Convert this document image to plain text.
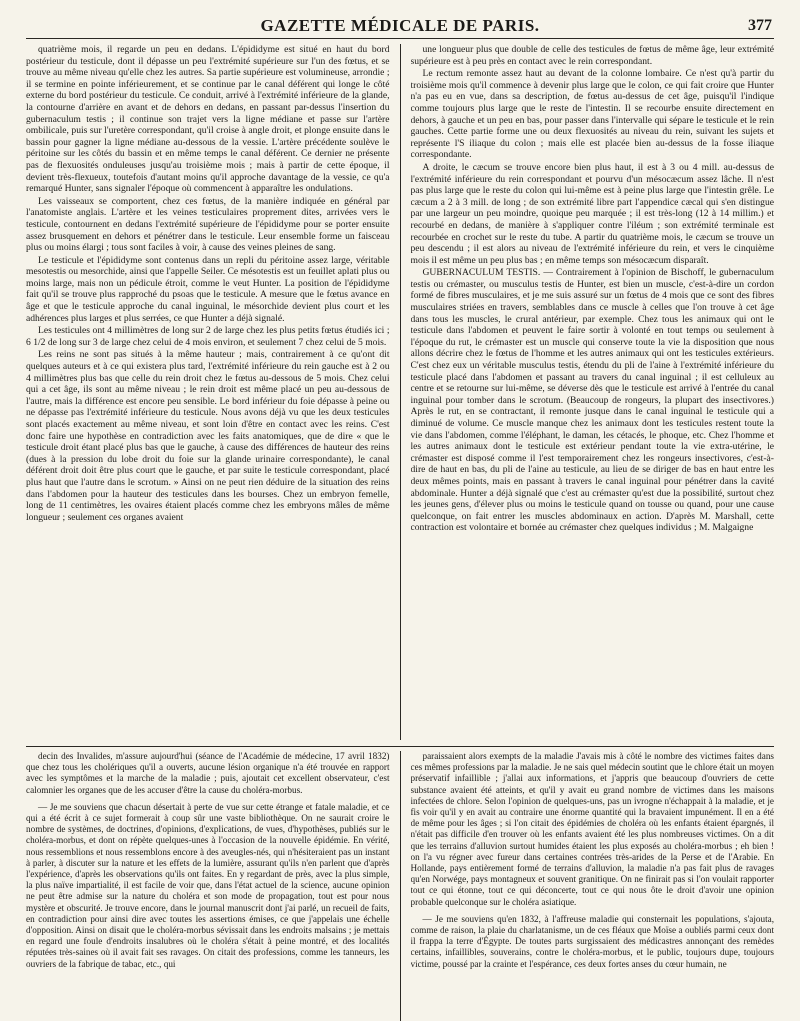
GAZETTE MÉDICALE DE PARIS.	377

quatrième mois, il regarde un peu en dedans. L'épididyme est situé en haut du bord postérieur du testicule, dont il dépasse un peu l'extrémité supérieure sur l'un des fœtus, et se trouve au même niveau qu'elle chez les autres. Sa partie supérieure est volumineuse, arrondie ; il se termine en pointe inférieurement, et se continue par le canal déférent qui longe le côté externe du bord postérieur du testicule. Ce conduit, arrivé à l'extrémité inférieure de la glande, la contourne d'arrière en avant et de dehors en dedans, en passant par-dessus l'insertion du gubernaculum testis ; il continue son trajet vers la ligne médiane et passe sur l'artère ombilicale, puis sur l'uretère correspondant, qu'il croise à angle droit, et plonge ensuite dans le bassin pour gagner la ligne médiane au-dessous de la vessie. L'artère précédente soulève le péritoine sur les côtés du bassin et en même temps le canal déférent. Ce dernier ne présente pas de flexuosités onduleuses jusqu'au troisième mois ; mais à partir de cette époque, il devient très-flexueux, toutefois d'autant moins qu'il approche davantage de la vessie, ce qu'a remarqué Hunter, sans signaler l'époque où commencent à apparaître les ondulations.

Les vaisseaux se comportent, chez ces fœtus, de la manière indiquée en général par l'anatomiste anglais. L'artère et les veines testiculaires proprement dites, arrivées vers le testicule, contournent en dedans l'extrémité supérieure de l'épididyme pour se porter ensuite assez brusquement en dehors et pénétrer dans le testicule. Leur ensemble forme un faisceau plus ou moins élargi ; tous sont faciles à voir, à cause des veines pleines de sang.

Le testicule et l'épididyme sont contenus dans un repli du péritoine assez large, véritable mesotestis ou mesorchide, ainsi que l'appelle Seiler. Ce mésotestis est un feuillet aplati plus ou moins large, mais non un pédicule étroit, comme le veut Hunter. La position de l'épididyme fait qu'il se trouve plus rapproché du psoas que le testicule. A mesure que le fœtus avance en âge et que le testicule approche du canal inguinal, le mésorchide devient plus court et les adhérences plus larges et plus serrées, ce que Hunter a déjà signalé.

Les testicules ont 4 millimètres de long sur 2 de large chez les plus petits fœtus étudiés ici ; 6 1/2 de long sur 3 de large chez celui de 4 mois environ, et seulement 7 chez celui de 5 mois.

Les reins ne sont pas situés à la même hauteur ; mais, contrairement à ce qu'ont dit quelques auteurs et à ce qui existera plus tard, l'extrémité inférieure du rein gauche est à 2 ou 4 millimètres plus bas que celle du rein droit chez le fœtus au-dessous de 5 mois. Chez celui qui a cet âge, ils sont au même niveau ; le rein droit est même placé un peu au-dessous de l'autre, mais la différence est encore peu sensible. Le bord inférieur du foie dépasse à peine ou ne dépasse pas l'extrémité inférieure du testicule. Nous avons déjà vu que les deux testicules sont placés exactement au même niveau, et sont loin d'être en contact avec les reins. C'est donc faire une hypothèse en contradiction avec les faits anatomiques, que de dire « que le testicule droit étant placé plus bas que le gauche, à cause des différences de hauteur des reins (dues à la pression du lobe droit du foie sur la glande urinaire correspondante), le canal déférent droit doit être plus court que le gauche, et par suite le testicule correspondant, placé plus haut que l'autre dans le scrotum. » Ainsi on ne peut rien déduire de la situation des reins dans l'abdomen pour la hauteur des testicules dans les bourses. Chez un embryon femelle, long de 11 centimètres, les ovaires étaient placés comme chez les embryons mâles de même longueur ; seulement ces organes avaient

une longueur plus que double de celle des testicules de fœtus de même âge, leur extrémité supérieure est à peu près en contact avec le rein correspondant.

Le rectum remonte assez haut au devant de la colonne lombaire. Ce n'est qu'à partir du troisième mois qu'il commence à devenir plus large que le colon, ce qui fait croire que Hunter n'a pas eu en vue, dans sa description, de fœtus au-dessus de cet âge, puisqu'il l'indique comme toujours plus large que le reste de l'intestin. Il se recourbe ensuite directement en dehors, à gauche et un peu en bas, pour passer dans l'intervalle qui sépare le testicule et le rein gauches. Cette partie forme une ou deux flexuosités au niveau du rein, suivant les sujets et représente l'S iliaque du colon ; mais elle est placée bien au-dessus de la fosse iliaque correspondante.

A droite, le cæcum se trouve encore bien plus haut, il est à 3 ou 4 mill. au-dessus de l'extrémité inférieure du rein correspondant et pourvu d'un mésocæcum assez lâche. Il n'est pas plus large que le reste du colon qui lui-même est à peine plus large que l'intestin grêle. Le cæcum a 2 à 3 mill. de long ; de son extrémité libre part l'appendice cæcal qui s'en distingue par une largeur un peu moindre, quoique peu marquée ; il est très-long (12 à 14 millim.) et recourbé en dedans, de manière à s'appliquer contre l'iléum ; son extrémité terminale est recourbée en crochet sur le reste du tube. A partir du quatrième mois, le cæcum se trouve un peu descendu ; il est alors au niveau de l'extrémité inférieure du rein, et vers le cinquième mois il est même un peu plus bas ; en même temps son mésocæcum disparaît.

GUBERNACULUM TESTIS. — Contrairement à l'opinion de Bischoff, le gubernaculum testis ou crémaster, ou musculus testis de Hunter, est bien un muscle, c'est-à-dire un cordon formé de fibres musculaires, et je me suis assuré sur un fœtus de 4 mois que ce sont des fibres musculaires striées en travers, semblables dans ce muscle à celles que l'on trouve à cet âge dans tous les muscles, le crural antérieur, par exemple. Chez tous les animaux qui ont le testicule dans l'abdomen et peuvent le faire sortir à volonté en tout temps ou seulement à l'époque du rut, le crémaster est un muscle qui conserve toute la vie la disposition que nous allons décrire chez le fœtus de l'homme et les autres animaux qui ont les testicules extérieurs. C'est chez eux un véritable musculus testis, étendu du pli de l'aine à l'extrémité inférieure du testicule placé dans l'abdomen et passant au travers du canal inguinal ; il est celluleux au centre et se retourne sur lui-même, se déverse dès que le testicule est arrivé à l'entrée du canal inguinal pour tomber dans le scrotum. (Beaucoup de rongeurs, la plupart des insectivores.) Après le rut, en se contractant, il remonte jusque dans le canal inguinal le testicule qui a diminué de volume. Ce muscle manque chez les animaux dont les testicules restent toute la vie dans l'abdomen, comme l'éléphant, le daman, les cétacés, le phoque, etc. Chez l'homme et les autres animaux dont le testicule est extérieur pendant toute la vie extra-utérine, le crémaster est disposé comme il l'est temporairement chez les rongeurs insectivores, c'est-à-dire de haut en bas, du pli de l'aine au testicule, au lieu de se diriger de bas en haut entre les deux mêmes points, mais en passant à travers le canal inguinal pour pénétrer dans la cavité abdominale. Hunter a déjà signalé que c'est au crémaster qu'est due la possibilité, surtout chez les jeunes gens, d'élever plus ou moins le testicule quand on tousse ou quand, pour une cause quelconque, on fait entrer les muscles abdominaux en action. D'après M. Marshall, cette contraction est volontaire et bornée au crémaster chez quelques individus ; M. Malgaigne

decin des Invalides, m'assure aujourd'hui (séance de l'Académie de médecine, 17 avril 1832) que chez tous les cholériques qu'il a ouverts, aucune lésion organique n'a été trouvée en rapport avec les symptômes et la marche de la maladie ; puis, ajoutait cet excellent observateur, c'est calomnier les organes que de les accuser d'être la cause du choléra-morbus.

— Je me souviens que chacun désertait à perte de vue sur cette étrange et fatale maladie, et ce qui a été écrit à ce sujet formerait à coup sûr une vaste bibliothèque. On ne saurait croire le nombre de systèmes, de doctrines, d'opinions, d'explications, de vues, d'hypothèses, publiés sur le choléra-morbus, et dont on répète quelques-unes à l'occasion de la nouvelle épidémie. En vérité, nous ressemblions et nous ressemblons encore à des aveugles-nés, qui n'hésiteraient pas un instant à parler, à discuter sur la nature et les effets de la lumière, assurant qu'ils n'en parlent que d'après l'expérience, d'après les observations qu'ils ont faites. En y regardant de près, avec la plus simple, la plus naïve impartialité, il est facile de voir que, dans l'état actuel de la science, aucune opinion ne peut être admise sur la nature du choléra et son mode de propagation, tout est pour nous mystère et obscurité. Je trouve encore, dans le journal manuscrit dont j'ai parlé, un recueil de faits, en contradiction pour ainsi dire avec toutes les assertions émises, ce que j'appelais une échelle d'opposition. Ainsi on disait que le choléra-morbus sévissait dans les endroits malsains ; je mettais en regard une foule d'endroits insalubres où le choléra s'était à peine montré, et des localités réputées très-saines où il avait fait ses ravages. On citait des professions, comme les tanneurs, les ouvriers de la fabrique de tabac, etc., qui

paraissaient alors exempts de la maladie J'avais mis à côté le nombre des victimes faites dans ces mêmes professions par la maladie. Je ne sais quel médecin soutint que le chlore était un moyen préservatif infaillible ; j'allai aux informations, et j'appris que beaucoup d'ouvriers de cette substance avaient été atteints, et qu'il y avait eu grand nombre de victimes dans les maisons infectées de chlore. Selon l'opinion de quelques-uns, pas un ivrogne n'échappait à la maladie, et je fis voir qu'il y en avait au contraire une énorme quantité qui la bravaient impunément. Il en a été de même pour les âges ; si l'on citait des épidémies de choléra où les enfants étaient épargnés, il n'était pas difficile d'en trouver où les enfants avaient été les plus nombreuses victimes. On a dit que les terrains d'alluvion surtout humides étaient les plus exposés au choléra-morbus ; eh bien ! on l'a vu régner avec fureur dans certaines contrées très-arides de la Perse et de l'Arabie. En Hollande, pays entièrement formé de terrains d'alluvion, la maladie n'a pas fait plus de ravages qu'en Norwége, pays montagneux et souvent granitique. On ne finirait pas si l'on voulait rapporter tout ce qui étonne, tout ce qui déconcerte, tout ce qui nous ôte le droit d'avoir une opinion probable quelconque sur le choléra asiatique.

— Je me souviens qu'en 1832, à l'affreuse maladie qui consternait les populations, s'ajouta, comme de raison, la plaie du charlatanisme, un de ces fléaux que Moïse a oubliés parmi ceux dont il frappa la terre d'Égypte. De toutes parts surgissaient des médicastres annonçant des remèdes certains, infaillibles, souverains, contre le choléra-morbus, et le public, toujours dupe, toujours victime, poussé par la crainte et l'espérance, ces deux fortes anses du cœur humain, ne
